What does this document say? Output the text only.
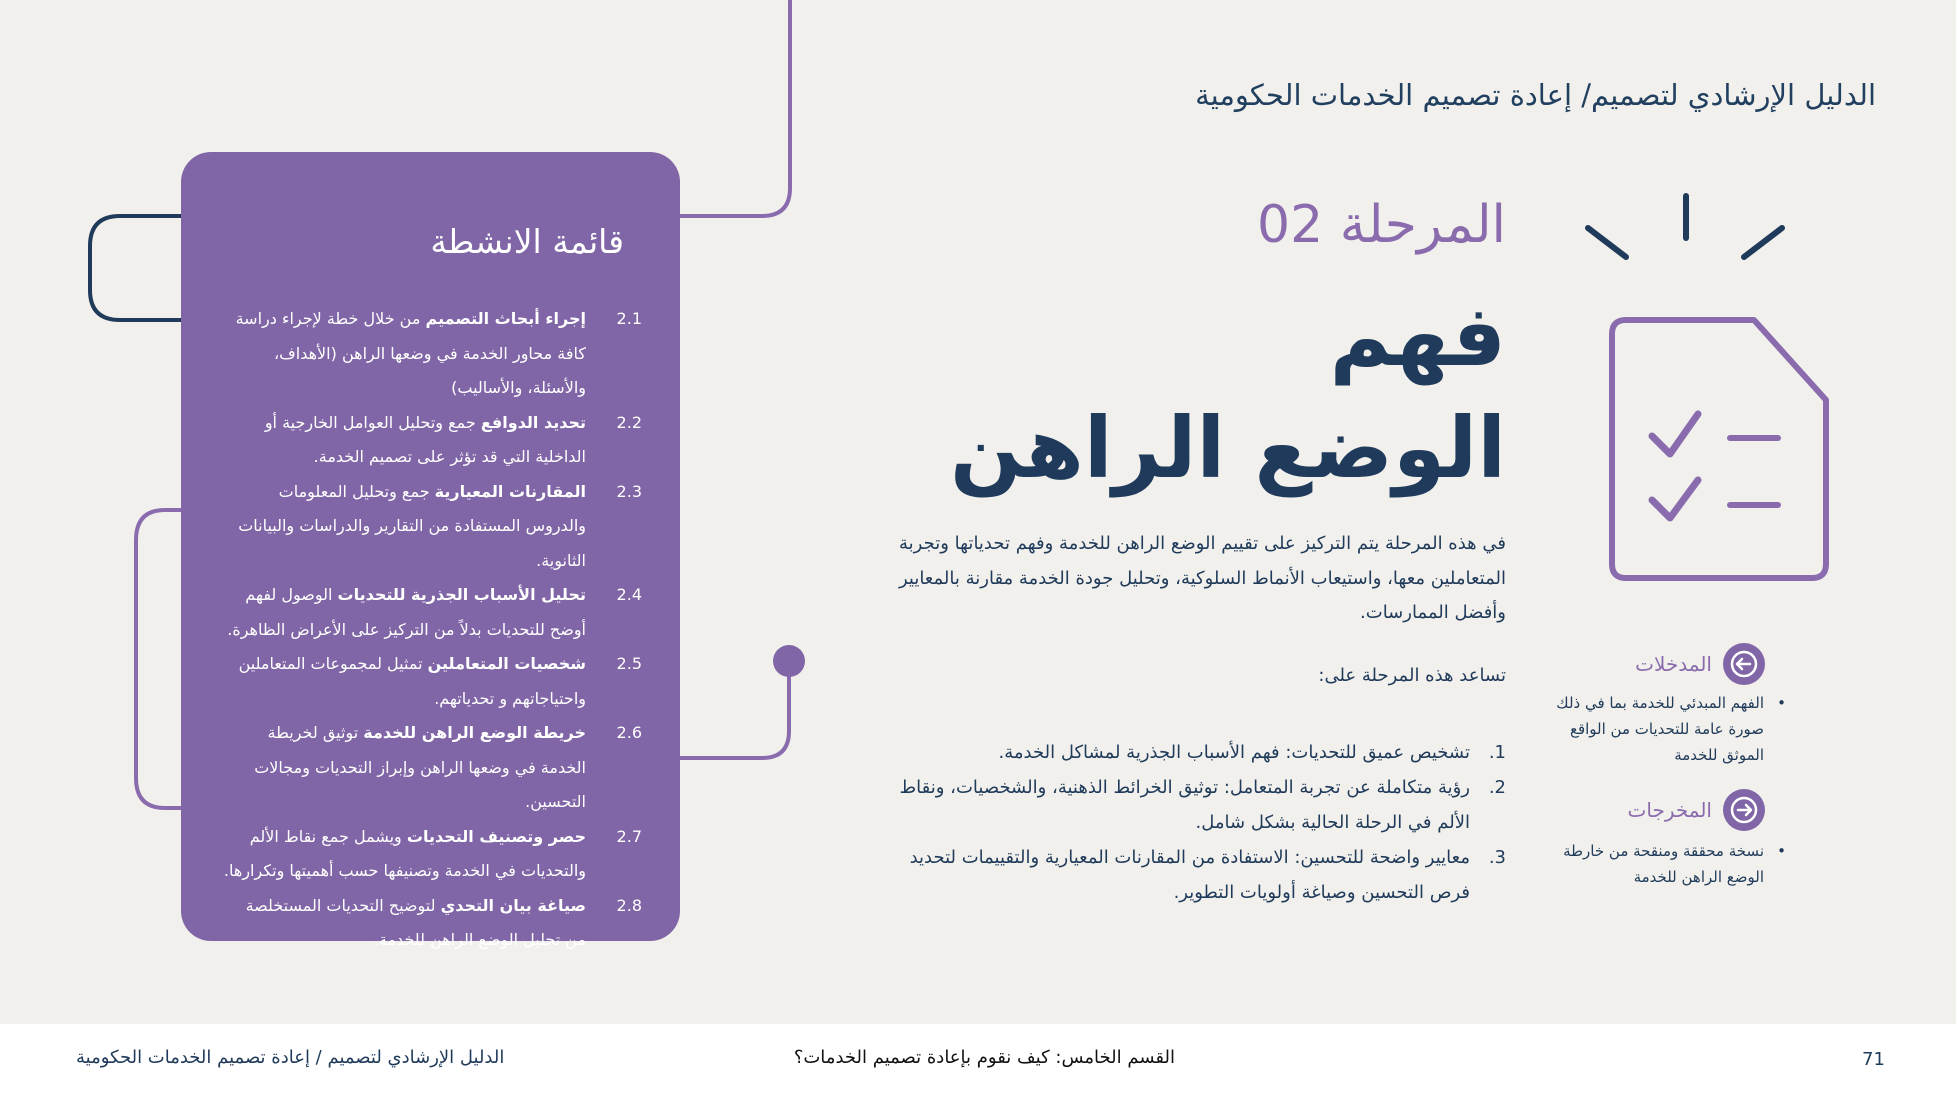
الدليل الإرشادي لتصميم/ إعادة تصميم الخدمات الحكومية
قائمة الانشطة
2.1
إجراء أبحاث التصميم من خلال خطة لإجراء دراسة كافة محاور الخدمة في وضعها الراهن (الأهداف، والأسئلة، والأساليب)
2.2
تحديد الدوافع جمع وتحليل العوامل الخارجية أو الداخلية التي قد تؤثر على تصميم الخدمة.
2.3
المقارنات المعيارية جمع وتحليل المعلومات والدروس المستفادة من التقارير والدراسات والبيانات الثانوية.
2.4
تحليل الأسباب الجذرية للتحديات الوصول لفهم أوضح للتحديات بدلاً من التركيز على الأعراض الظاهرة.
2.5
شخصيات المتعاملين تمثيل لمجموعات المتعاملين واحتياجاتهم و تحدياتهم.
2.6
خريطة الوضع الراهن للخدمة توثيق لخريطة الخدمة في وضعها الراهن وإبراز التحديات ومجالات التحسين.
2.7
حصر وتصنيف التحديات ويشمل جمع نقاط الألم والتحديات في الخدمة وتصنيفها حسب أهميتها وتكرارها.
2.8
صياغة بيان التحدي لتوضيح التحديات المستخلصة من تحليل الوضع الراهن للخدمة.
المرحلة 02
فهم
الوضع الراهن
في هذه المرحلة يتم التركيز على تقييم الوضع الراهن للخدمة وفهم تحدياتها وتجربة المتعاملين معها، واستيعاب الأنماط السلوكية، وتحليل جودة الخدمة مقارنة بالمعايير وأفضل الممارسات.
تساعد هذه المرحلة على:
1.
تشخيص عميق للتحديات: فهم الأسباب الجذرية لمشاكل الخدمة.
2.
رؤية متكاملة عن تجربة المتعامل: توثيق الخرائط الذهنية، والشخصيات، ونقاط الألم في الرحلة الحالية بشكل شامل.
3.
معايير واضحة للتحسين: الاستفادة من المقارنات المعيارية والتقييمات لتحديد فرص التحسين وصياغة أولويات التطوير.
المدخلات
• الفهم المبدئي للخدمة بما في ذلك صورة عامة للتحديات من الواقع الموثق للخدمة
المخرجات
• نسخة محققة ومنقحة من خارطة الوضع الراهن للخدمة
71
القسم الخامس: كيف نقوم بإعادة تصميم الخدمات؟
الدليل الإرشادي لتصميم / إعادة تصميم الخدمات الحكومية
